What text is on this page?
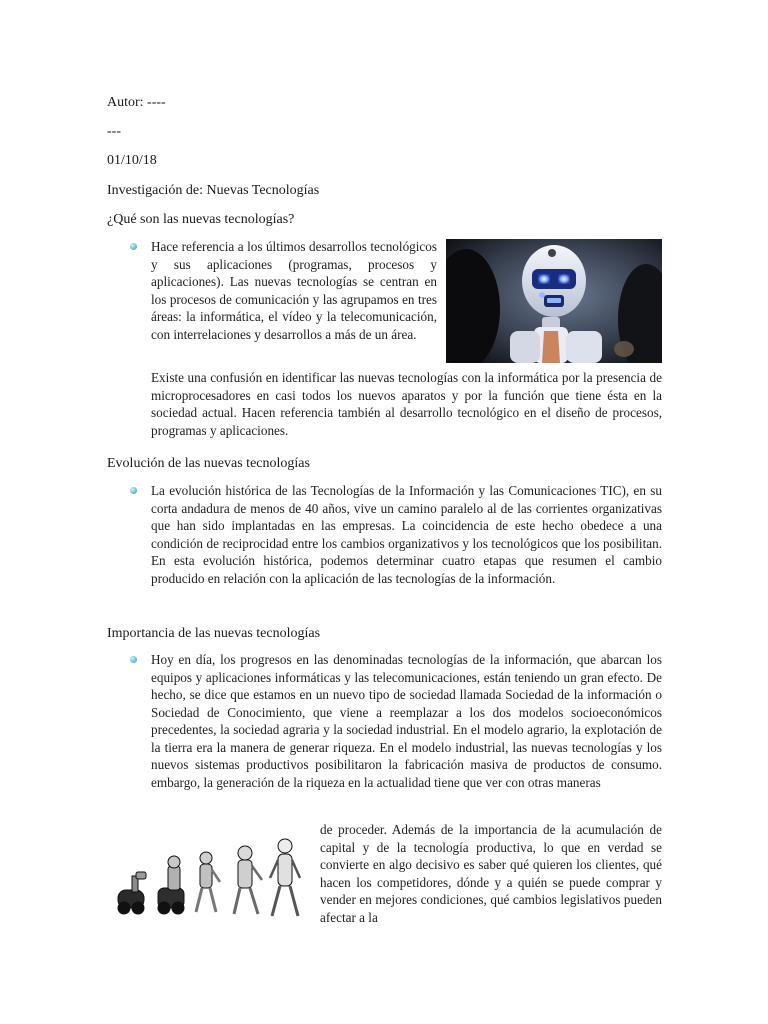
Autor: ----
---
01/10/18
Investigación de: Nuevas Tecnologías
¿Qué son las nuevas tecnologías?
Hace referencia a los últimos desarrollos tecnológicos y sus aplicaciones (programas, procesos y aplicaciones). Las nuevas tecnologías se centran en los procesos de comunicación y las agrupamos en tres áreas: la informática, el vídeo y la telecomunicación, con interrelaciones y desarrollos a más de un área.
Existe una confusión en identificar las nuevas tecnologías con la informática por la presencia de microprocesadores en casi todos los nuevos aparatos y por la función que tiene ésta en la sociedad actual. Hacen referencia también al desarrollo tecnológico en el diseño de procesos, programas y aplicaciones.
Evolución de las nuevas tecnologías
La evolución histórica de las Tecnologías de la Información y las Comunicaciones TIC), en su corta andadura de menos de 40 años, vive un camino paralelo al de las corrientes organizativas que han sido implantadas en las empresas. La coincidencia de este hecho obedece a una condición de reciprocidad entre los cambios organizativos y los tecnológicos que los posibilitan. En esta evolución histórica, podemos determinar cuatro etapas que resumen el cambio producido en relación con la aplicación de las tecnologías de la información.
Importancia de las nuevas tecnologías
Hoy en día, los progresos en las denominadas tecnologías de la información, que abarcan los equipos y aplicaciones informáticas y las telecomunicaciones, están teniendo un gran efecto. De hecho, se dice que estamos en un nuevo tipo de sociedad llamada Sociedad de la información o Sociedad de Conocimiento, que viene a reemplazar a los dos modelos socioeconómicos precedentes, la sociedad agraria y la sociedad industrial. En el modelo agrario, la explotación de la tierra era la manera de generar riqueza. En el modelo industrial, las nuevas tecnologías y los nuevos sistemas productivos posibilitaron la fabricación masiva de productos de consumo. embargo, la generación de la riqueza en la actualidad tiene que ver con otras maneras
de proceder. Además de la importancia de la acumulación de capital y de la tecnología productiva, lo que en verdad se convierte en algo decisivo es saber qué quieren los clientes, qué hacen los competidores, dónde y a quién se puede comprar y vender en mejores condiciones, qué cambios legislativos pueden afectar a la
